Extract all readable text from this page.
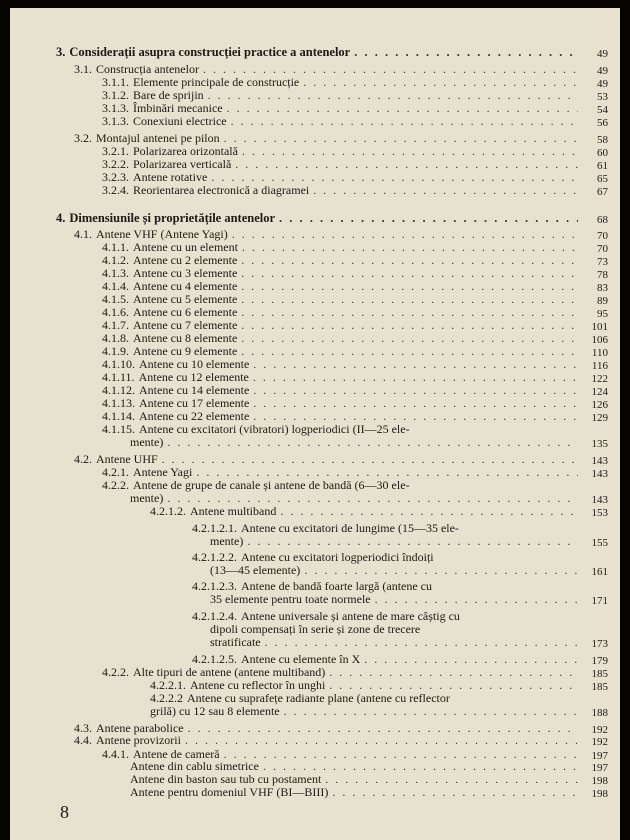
3. Considerații asupra construcției practice a antenelor . . .	49
3.1. Construcția antenelor . . .	49
3.1.1. Elemente principale de construcție . . .	49
3.1.2. Bare de sprijin . . .	53
3.1.3. Îmbinări mecanice . . .	54
3.1.3. Conexiuni electrice . . .	56
3.2. Montajul antenei pe pilon . . .	58
3.2.1. Polarizarea orizontală . . .	60
3.2.2. Polarizarea verticală . . .	61
3.2.3. Antene rotative . . .	65
3.2.4. Reorientarea electronică a diagramei . . .	67
4. Dimensiunile și proprietățile antenelor . . .	68
4.1. Antene VHF (Antene Yagi) . . .	70
4.1.1. Antene cu un element . . .	70
4.1.2. Antene cu 2 elemente . . .	73
4.1.3. Antene cu 3 elemente . . .	78
4.1.4. Antene cu 4 elemente . . .	83
4.1.5. Antene cu 5 elemente . . .	89
4.1.6. Antene cu 6 elemente . . .	95
4.1.7. Antene cu 7 elemente . . .	101
4.1.8. Antene cu 8 elemente . . .	106
4.1.9. Antene cu 9 elemente . . .	110
4.1.10. Antene cu 10 elemente . . .	116
4.1.11. Antene cu 12 elemente . . .	122
4.1.12. Antene cu 14 elemente . . .	124
4.1.13. Antene cu 17 elemente . . .	126
4.1.14. Antene cu 22 elemente . . .	129
4.1.15. Antene cu excitatori (vibratori) logperiodici (II—25 ele-
mente) . . .	135
4.2. Antene UHF . . .	143
4.2.1. Antene Yagi . . .	143
4.2.2. Antene de grupe de canale și antene de bandă (6—30 ele-
mente) . . .	143
4.2.1.2. Antene multiband . . .	153
4.2.1.2.1. Antene cu excitatori de lungime (15—35 ele-
mente) . . .	155
4.2.1.2.2. Antene cu excitatori logperiodici îndoiți
(13—45 elemente) . . .	161
4.2.1.2.3. Antene de bandă foarte largă (antene cu
35 elemente pentru toate normele . . .	171
4.2.1.2.4. Antene universale și antene de mare câștig cu
dipoli compensați în serie și zone de trecere
stratificate . . .	173
4.2.1.2.5. Antene cu elemente în X . . .	179
4.2.2. Alte tipuri de antene (antene multiband) . . .	185
4.2.2.1. Antene cu reflector în unghi . . .	185
4.2.2.2 Antene cu suprafețe radiante plane (antene cu reflector
grilă) cu 12 sau 8 elemente . . .	188
4.3. Antene parabolice . . .	192
4.4. Antene provizorii . . .	192
4.4.1. Antene de cameră . . .	197
Antene din cablu simetrice . . .	197
Antene din baston sau tub cu postament . . .	198
Antene pentru domeniul VHF (BI—BIII) . . .	198
8
